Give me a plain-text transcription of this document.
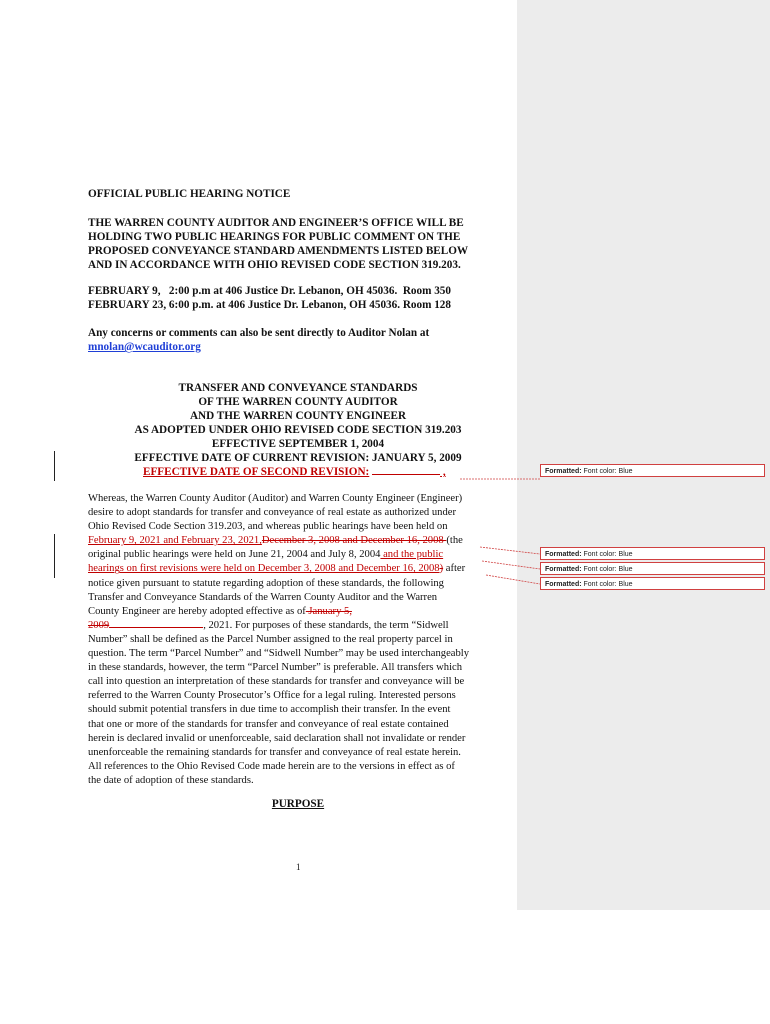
OFFICIAL PUBLIC HEARING NOTICE
THE WARREN COUNTY AUDITOR AND ENGINEER’S OFFICE WILL BE
HOLDING TWO PUBLIC HEARINGS FOR PUBLIC COMMENT ON THE
PROPOSED CONVEYANCE STANDARD AMENDMENTS LISTED BELOW
AND IN ACCORDANCE WITH OHIO REVISED CODE SECTION 319.203.
FEBRUARY 9,   2:00 p.m at 406 Justice Dr. Lebanon, OH 45036.  Room 350
FEBRUARY 23, 6:00 p.m. at 406 Justice Dr. Lebanon, OH 45036. Room 128
Any concerns or comments can also be sent directly to Auditor Nolan at
mnolan@wcauditor.org
TRANSFER AND CONVEYANCE STANDARDS
OF THE WARREN COUNTY AUDITOR
AND THE WARREN COUNTY ENGINEER
AS ADOPTED UNDER OHIO REVISED CODE SECTION 319.203
EFFECTIVE SEPTEMBER 1, 2004
EFFECTIVE DATE OF CURRENT REVISION: JANUARY 5, 2009
EFFECTIVE DATE OF SECOND REVISION:	,
Whereas, the Warren County Auditor (Auditor) and Warren County Engineer (Engineer)
desire to adopt standards for transfer and conveyance of real estate as authorized under
Ohio Revised Code Section 319.203, and whereas public hearings have been held on
February 9, 2021 and February 23, 2021,December 3, 2008 and December 16, 2008 (the
original public hearings were held on June 21, 2004 and July 8, 2004 and the public
hearings on first revisions were held on December 3, 2008 and December 16, 2008) after
notice given pursuant to statute regarding adoption of these standards, the following
Transfer and Conveyance Standards of the Warren County Auditor and the Warren
County Engineer are hereby adopted effective as of January 5,
2009	, 2021. For purposes of these standards, the term “Sidwell
Number” shall be defined as the Parcel Number assigned to the real property parcel in
question. The term “Parcel Number” and “Sidwell Number” may be used interchangeably
in these standards, however, the term “Parcel Number” is preferable. All transfers which
call into question an interpretation of these standards for transfer and conveyance will be
referred to the Warren County Prosecutor’s Office for a legal ruling. Interested persons
should submit potential transfers in due time to accomplish their transfer. In the event
that one or more of the standards for transfer and conveyance of real estate contained
herein is declared invalid or unenforceable, said declaration shall not invalidate or render
unenforceable the remaining standards for transfer and conveyance of real estate herein.
All references to the Ohio Revised Code made herein are to the versions in effect as of
the date of adoption of these standards.
PURPOSE
1
Formatted: Font color: Blue
Formatted: Font color: Blue
Formatted: Font color: Blue
Formatted: Font color: Blue
